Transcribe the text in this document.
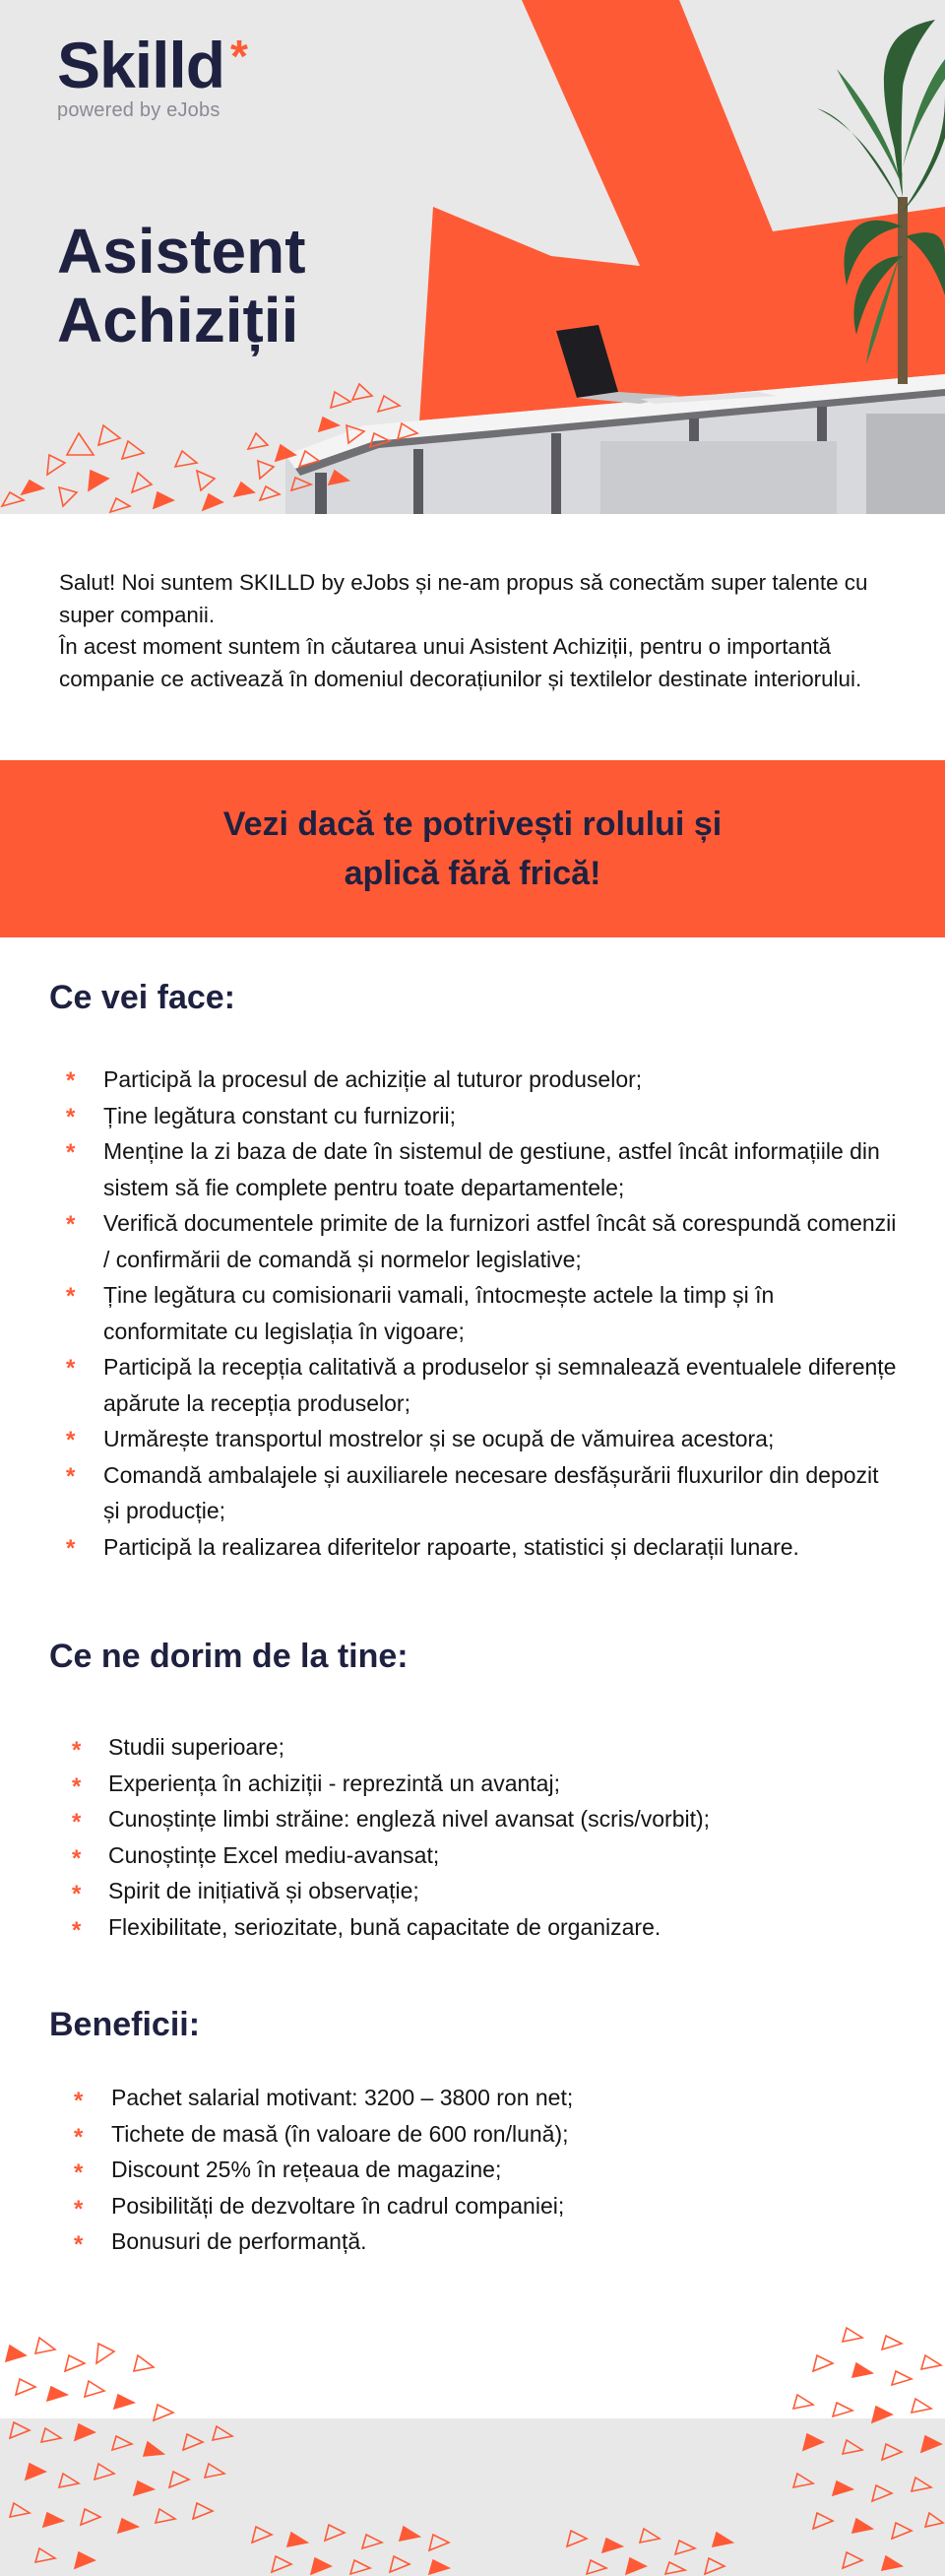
Skilld *
powered by eJobs
Asistent Achiziții

Salut! Noi suntem SKILLD by eJobs și ne-am propus să conectăm super talente cu super companii.

În acest moment suntem în căutarea unui Asistent Achiziții, pentru o importantă companie ce activează în domeniul decorațiunilor și textilelor destinate interiorului.

Vezi dacă te potrivești rolului și aplică fără frică!

Ce vei face:
* Participă la procesul de achiziție al tuturor produselor;
* Ține legătura constant cu furnizorii;
* Menține la zi baza de date în sistemul de gestiune, astfel încât informațiile din sistem să fie complete pentru toate departamentele;
* Verifică documentele primite de la furnizori astfel încât să corespundă comenzii / confirmării de comandă și normelor legislative;
* Ține legătura cu comisionarii vamali, întocmește actele la timp și în conformitate cu legislația în vigoare;
* Participă la recepția calitativă a produselor și semnalează eventualele diferențe apărute la recepția produselor;
* Urmărește transportul mostrelor și se ocupă de vămuirea acestora;
* Comandă ambalajele și auxiliarele necesare desfășurării fluxurilor din depozit și producție;
* Participă la realizarea diferitelor rapoarte, statistici și declarații lunare.
Ce ne dorim de la tine:
* Studii superioare;
* Experiența în achiziții - reprezintă un avantaj;
* Cunoștințe limbi străine: engleză nivel avansat (scris/vorbit);
* Cunoștințe Excel mediu-avansat;
* Spirit de inițiativă și observație;
* Flexibilitate, seriozitate, bună capacitate de organizare.
Beneficii:
* Pachet salarial motivant: 3200 – 3800 ron net;
* Tichete de masă (în valoare de 600 ron/lună);
* Discount 25% în rețeaua de magazine;
* Posibilități de dezvoltare în cadrul companiei;
* Bonusuri de performanță.
